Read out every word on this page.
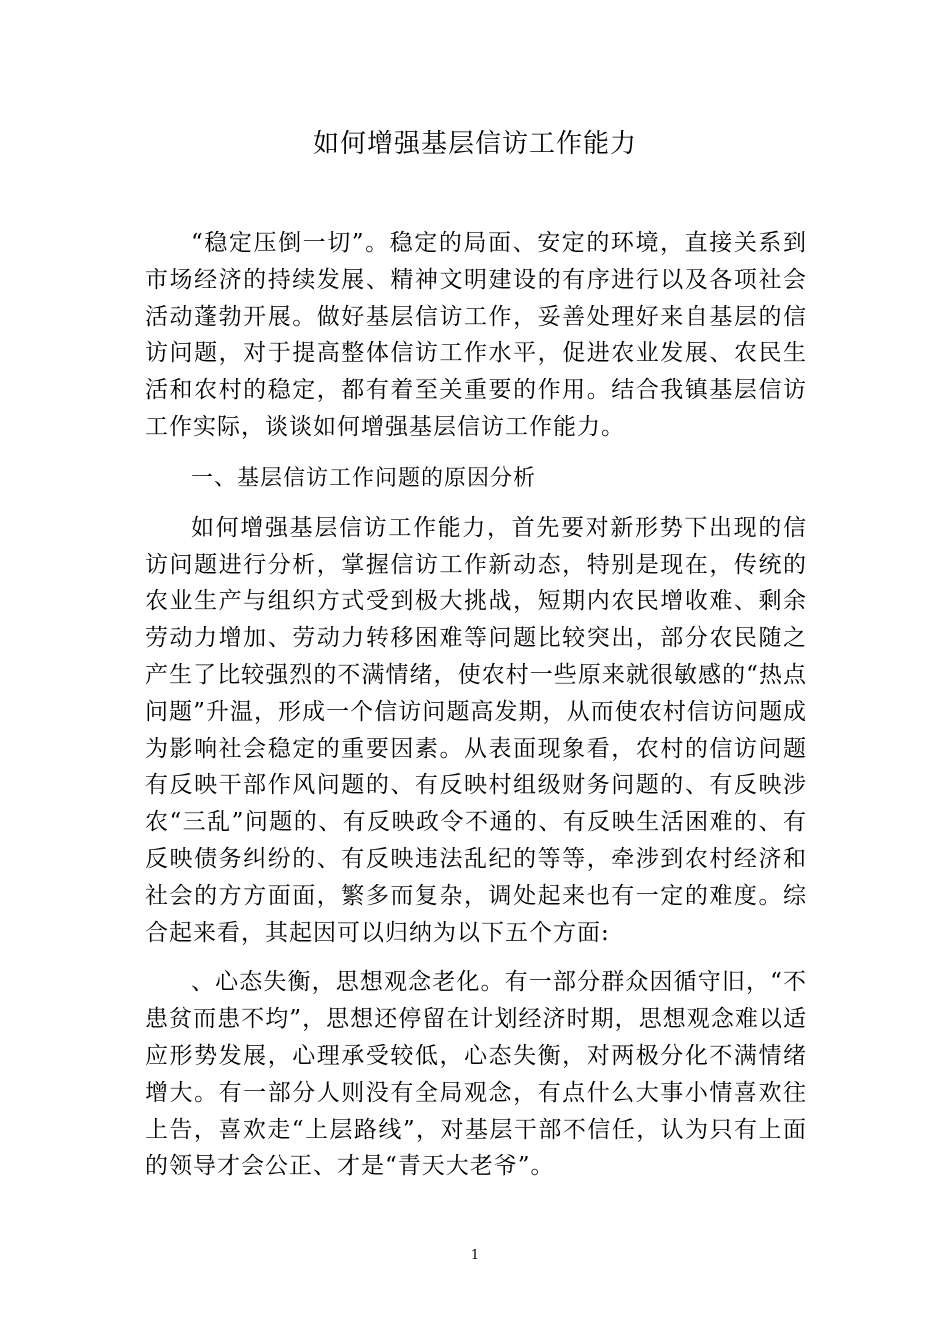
如何增强基层信访工作能力

“稳定压倒一切”。稳定的局面、安定的环境，直接关系到市场经济的持续发展、精神文明建设的有序进行以及各项社会活动蓬勃开展。做好基层信访工作，妥善处理好来自基层的信访问题，对于提高整体信访工作水平，促进农业发展、农民生活和农村的稳定，都有着至关重要的作用。结合我镇基层信访工作实际，谈谈如何增强基层信访工作能力。

一、基层信访工作问题的原因分析

如何增强基层信访工作能力，首先要对新形势下出现的信访问题进行分析，掌握信访工作新动态，特别是现在，传统的农业生产与组织方式受到极大挑战，短期内农民增收难、剩余劳动力增加、劳动力转移困难等问题比较突出，部分农民随之产生了比较强烈的不满情绪，使农村一些原来就很敏感的“热点问题”升温，形成一个信访问题高发期，从而使农村信访问题成为影响社会稳定的重要因素。从表面现象看，农村的信访问题有反映干部作风问题的、有反映村组级财务问题的、有反映涉农“三乱”问题的、有反映政令不通的、有反映生活困难的、有反映债务纠纷的、有反映违法乱纪的等等，牵涉到农村经济和社会的方方面面，繁多而复杂，调处起来也有一定的难度。综合起来看，其起因可以归纳为以下五个方面:

、心态失衡，思想观念老化。有一部分群众因循守旧，“不患贫而患不均”，思想还停留在计划经济时期，思想观念难以适应形势发展，心理承受较低，心态失衡，对两极分化不满情绪增大。有一部分人则没有全局观念，有点什么大事小情喜欢往上告，喜欢走“上层路线”，对基层干部不信任，认为只有上面的领导才会公正、才是“青天大老爷”。

1
